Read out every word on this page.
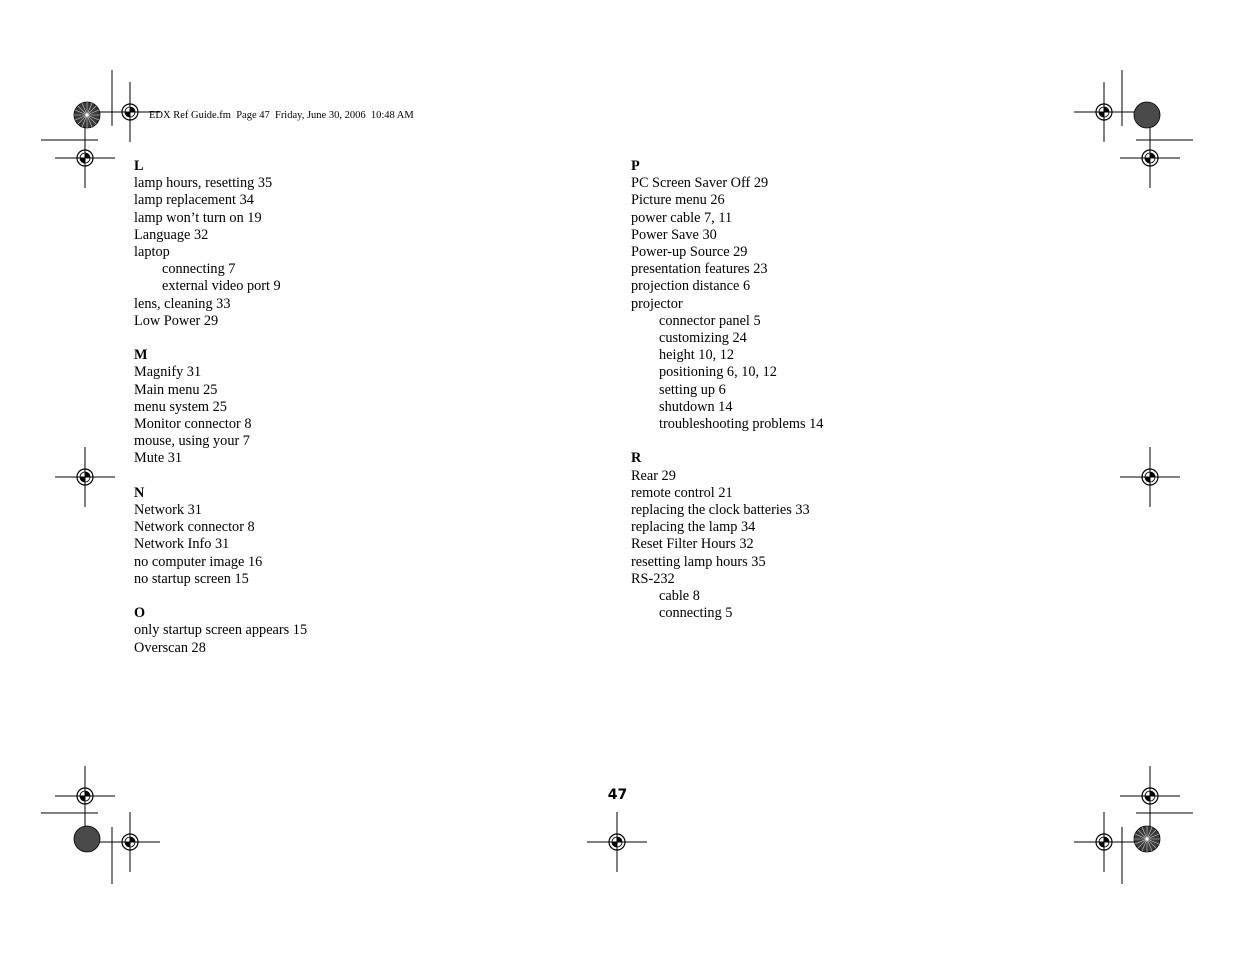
EDX Ref Guide.fm  Page 47  Friday, June 30, 2006  10:48 AM
L
lamp hours, resetting 35
lamp replacement 34
lamp won’t turn on 19
Language 32
laptop
connecting 7
external video port 9
lens, cleaning 33
Low Power 29
M
Magnify 31
Main menu 25
menu system 25
Monitor connector 8
mouse, using your 7
Mute 31
N
Network 31
Network connector 8
Network Info 31
no computer image 16
no startup screen 15
O
only startup screen appears 15
Overscan 28
P
PC Screen Saver Off 29
Picture menu 26
power cable 7, 11
Power Save 30
Power-up Source 29
presentation features 23
projection distance 6
projector
connector panel 5
customizing 24
height 10, 12
positioning 6, 10, 12
setting up 6
shutdown 14
troubleshooting problems 14
R
Rear 29
remote control 21
replacing the clock batteries 33
replacing the lamp 34
Reset Filter Hours 32
resetting lamp hours 35
RS-232
cable 8
connecting 5
47
